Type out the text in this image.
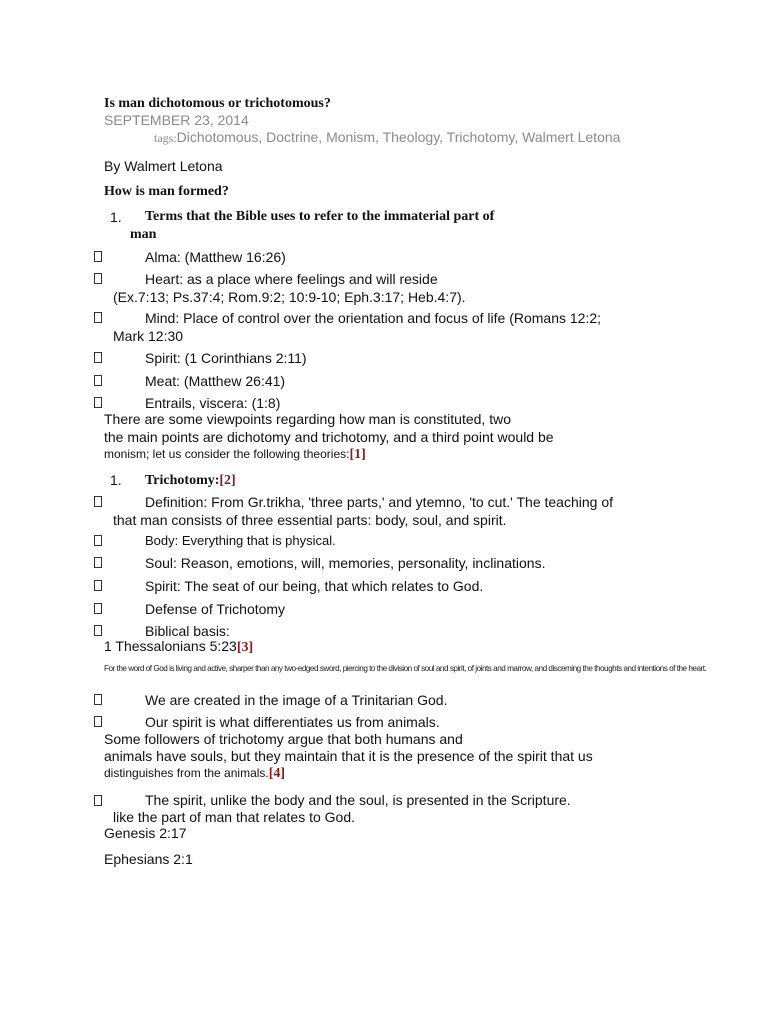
Is man dichotomous or trichotomous?
SEPTEMBER 23, 2014
tags:Dichotomous, Doctrine, Monism, Theology, Trichotomy, Walmert Letona
By Walmert Letona
How is man formed?
1. Terms that the Bible uses to refer to the immaterial part of
man
Alma: (Matthew 16:26)
Heart: as a place where feelings and will reside
(Ex.7:13; Ps.37:4; Rom.9:2; 10:9-10; Eph.3:17; Heb.4:7).
Mind: Place of control over the orientation and focus of life (Romans 12:2;
Mark 12:30
Spirit: (1 Corinthians 2:11)
Meat: (Matthew 26:41)
Entrails, viscera: (1:8)
There are some viewpoints regarding how man is constituted, two
the main points are dichotomy and trichotomy, and a third point would be
monism; let us consider the following theories:[1]
1. Trichotomy:[2]
Definition: From Gr.trikha, 'three parts,' and ytemno, 'to cut.' The teaching of
that man consists of three essential parts: body, soul, and spirit.
Body: Everything that is physical.
Soul: Reason, emotions, will, memories, personality, inclinations.
Spirit: The seat of our being, that which relates to God.
Defense of Trichotomy
Biblical basis:
1 Thessalonians 5:23[3]
For the word of God is living and active, sharper than any two-edged sword, piercing to the division of soul and spirit, of joints and marrow, and discerning the thoughts and intentions of the heart.
We are created in the image of a Trinitarian God.
Our spirit is what differentiates us from animals.
Some followers of trichotomy argue that both humans and
animals have souls, but they maintain that it is the presence of the spirit that us
distinguishes from the animals.[4]
The spirit, unlike the body and the soul, is presented in the Scripture.
like the part of man that relates to God.
Genesis 2:17
Ephesians 2:1
